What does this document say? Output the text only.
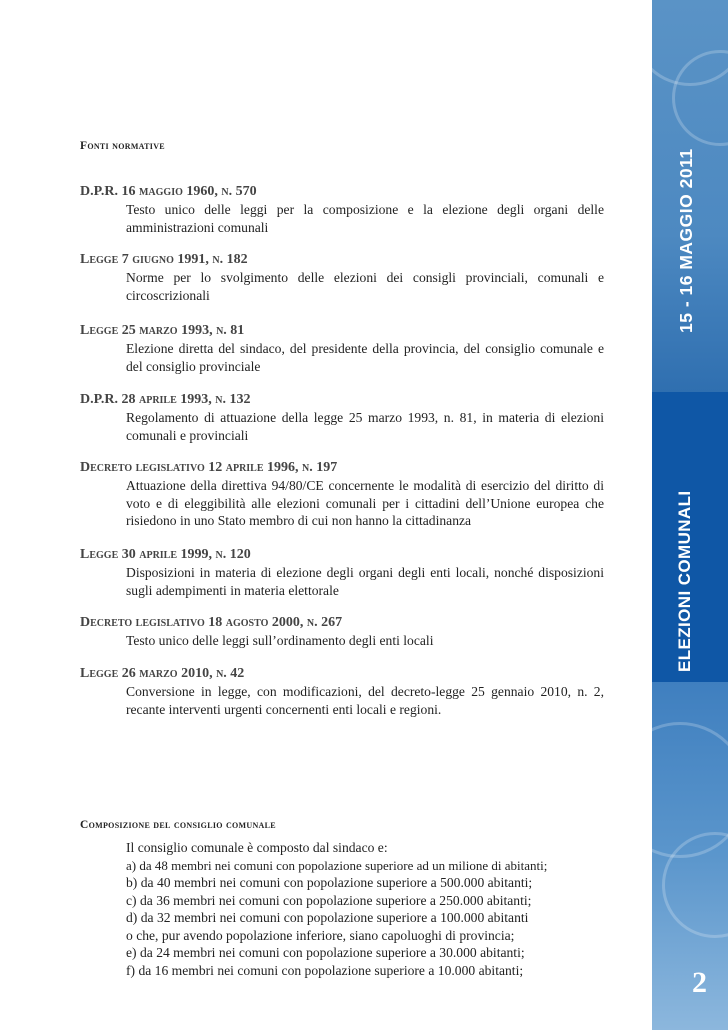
Fonti normative
D.P.R. 16 maggio 1960, n. 570
Testo unico delle leggi per la composizione e la elezione degli organi delle amministrazioni comunali
Legge 7 giugno 1991, n. 182
Norme per lo svolgimento delle elezioni dei consigli provinciali, comunali e circoscrizionali
Legge 25 marzo 1993, n. 81
Elezione diretta del sindaco, del presidente della provincia, del consiglio comunale e del consiglio provinciale
D.P.R. 28 aprile 1993, n. 132
Regolamento di attuazione della legge 25 marzo 1993, n. 81, in materia di elezioni comunali e provinciali
Decreto legislativo 12 aprile 1996, n. 197
Attuazione della direttiva 94/80/CE concernente le modalità di esercizio del diritto di voto e di eleggibilità alle elezioni comunali per i cittadini dell’Unione europea che risiedono in uno Stato membro di cui non hanno la cittadinanza
Legge 30 aprile 1999, n. 120
Disposizioni in materia di elezione degli organi degli enti locali, nonché disposizioni sugli adempimenti in materia elettorale
Decreto legislativo 18 agosto 2000, n. 267
Testo unico delle leggi sull’ordinamento degli enti locali
Legge 26 marzo 2010, n. 42
Conversione in legge, con modificazioni, del decreto-legge 25 gennaio 2010, n. 2, recante interventi urgenti concernenti enti locali e regioni.
Composizione del consiglio comunale
Il consiglio comunale è composto dal sindaco e:
a) da 48 membri nei comuni con popolazione superiore ad un milione di abitanti;
b) da 40 membri nei comuni con popolazione superiore a 500.000 abitanti;
c) da 36 membri nei comuni con popolazione superiore a 250.000 abitanti;
d) da 32 membri nei comuni con popolazione superiore a 100.000 abitanti
o che, pur avendo popolazione inferiore, siano capoluoghi di provincia;
e) da 24 membri nei comuni con popolazione superiore a 30.000 abitanti;
f) da 16 membri nei comuni con popolazione superiore a 10.000 abitanti;
15 - 16 MAGGIO 2011
ELEZIONI COMUNALI
2
